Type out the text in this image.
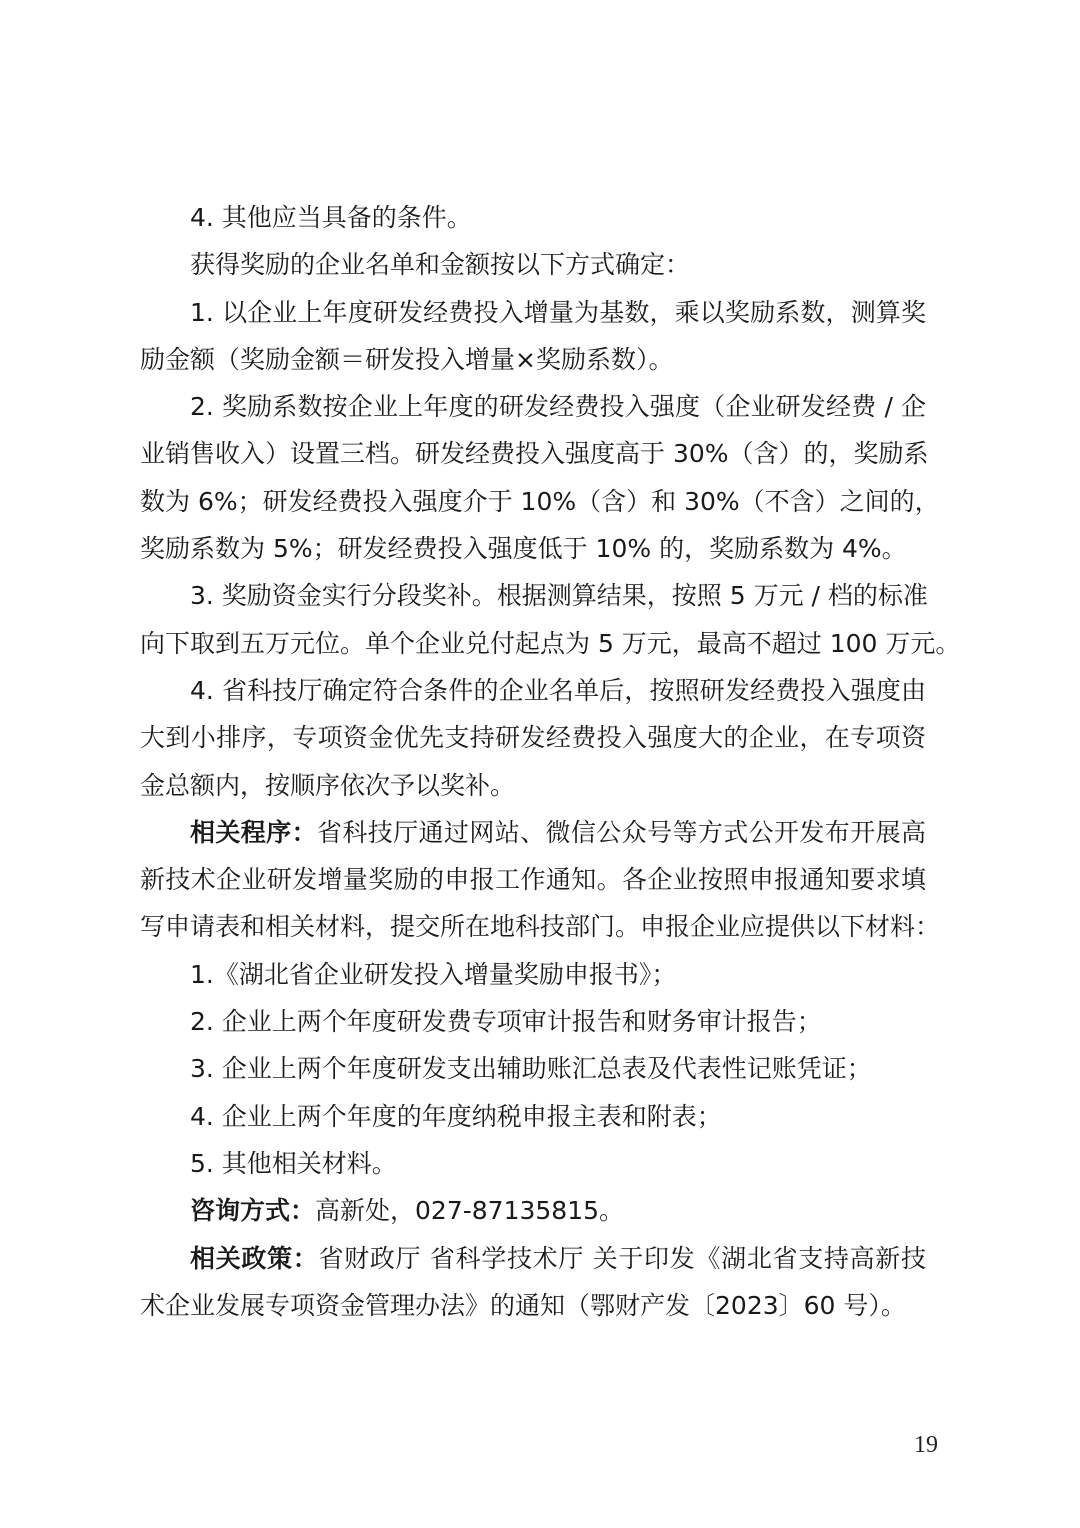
4. 其他应当具备的条件。
获得奖励的企业名单和金额按以下方式确定：
1. 以企业上年度研发经费投入增量为基数，乘以奖励系数，测算奖
励金额（奖励金额＝研发投入增量×奖励系数）。
2. 奖励系数按企业上年度的研发经费投入强度（企业研发经费 / 企
业销售收入）设置三档。研发经费投入强度高于 30%（含）的，奖励系
数为 6%；研发经费投入强度介于 10%（含）和 30%（不含）之间的，
奖励系数为 5%；研发经费投入强度低于 10% 的，奖励系数为 4%。
3. 奖励资金实行分段奖补。根据测算结果，按照 5 万元 / 档的标准
向下取到五万元位。单个企业兑付起点为 5 万元，最高不超过 100 万元。
4. 省科技厅确定符合条件的企业名单后，按照研发经费投入强度由
大到小排序，专项资金优先支持研发经费投入强度大的企业，在专项资
金总额内，按顺序依次予以奖补。
相关程序：省科技厅通过网站、微信公众号等方式公开发布开展高
新技术企业研发增量奖励的申报工作通知。各企业按照申报通知要求填
写申请表和相关材料，提交所在地科技部门。申报企业应提供以下材料：
1.《湖北省企业研发投入增量奖励申报书》；
2. 企业上两个年度研发费专项审计报告和财务审计报告；
3. 企业上两个年度研发支出辅助账汇总表及代表性记账凭证；
4. 企业上两个年度的年度纳税申报主表和附表；
5. 其他相关材料。
咨询方式：高新处，027-87135815。
相关政策：省财政厅 省科学技术厅 关于印发《湖北省支持高新技
术企业发展专项资金管理办法》的通知（鄂财产发〔2023〕60 号）。
19
